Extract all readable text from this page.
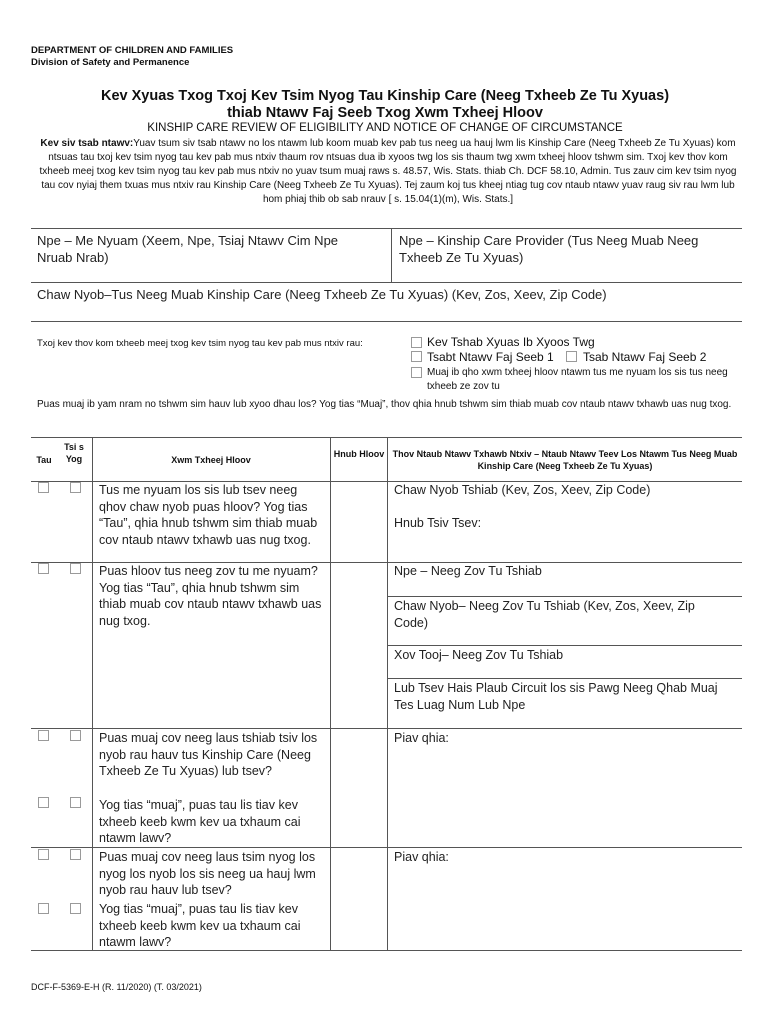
DEPARTMENT OF CHILDREN AND FAMILIES
Division of Safety and Permanence
Kev Xyuas Txog Txoj Kev Tsim Nyog Tau Kinship Care (Neeg Txheeb Ze Tu Xyuas)
thiab Ntawv Faj Seeb Txog Xwm Txheej Hloov
KINSHIP CARE REVIEW OF ELIGIBILITY AND NOTICE OF CHANGE OF CIRCUMSTANCE
Kev siv tsab ntawv:Yuav tsum siv tsab ntawv no los ntawm lub koom muab kev pab tus neeg ua hauj lwm lis Kinship Care (Neeg Txheeb Ze Tu Xyuas) kom ntsuas tau txoj kev tsim nyog tau kev pab mus ntxiv thaum rov ntsuas dua ib xyoos twg los sis thaum twg xwm txheej hloov tshwm sim. Txoj kev thov kom txheeb meej txog kev tsim nyog tau kev pab mus ntxiv no yuav tsum muaj raws s. 48.57, Wis. Stats. thiab Ch. DCF 58.10, Admin. Tus zauv cim kev tsim nyog tau cov nyiaj them txuas mus ntxiv rau Kinship Care (Neeg Txheeb Ze Tu Xyuas). Tej zaum koj tus kheej ntiag tug cov ntaub ntawv yuav raug siv rau lwm lub hom phiaj thib ob sab nrauv [ s. 15.04(1)(m), Wis. Stats.]
Npe – Me Nyuam (Xeem, Npe, Tsiaj Ntawv Cim Npe Nruab Nrab)
Npe – Kinship Care Provider (Tus Neeg Muab Neeg Txheeb Ze Tu Xyuas)
Chaw Nyob–Tus Neeg Muab Kinship Care (Neeg Txheeb Ze Tu Xyuas) (Kev, Zos, Xeev, Zip Code)
Txoj kev thov kom txheeb meej txog kev tsim nyog tau kev pab mus ntxiv rau:	Kev Tshab Xyuas Ib Xyoos Twg
Tsabt Ntawv Faj Seeb 1 Tsab Ntawv Faj Seeb 2
Muaj ib qho xwm txheej hloov ntawm tus me nyuam los sis tus neeg txheeb ze zov tu
Puas muaj ib yam nram no tshwm sim hauv lub xyoo dhau los? Yog tias “Muaj”, thov qhia hnub tshwm sim thiab muab cov ntaub ntawv txhawb uas nug txog.
Tau
Tsi s Yog	Xwm Txheej Hloov
Hnub Hloov Thov Ntaub Ntawv Txhawb Ntxiv – Ntaub Ntawv Teev Los Ntawm Tus Neeg Muab Kinship Care (Neeg Txheeb Ze Tu Xyuas)
Tus me nyuam los sis lub tsev neeg qhov chaw nyob puas hloov? Yog tias “Tau”, qhia hnub tshwm sim thiab muab cov ntaub ntawv txhawb uas nug txog.
Chaw Nyob Tshiab (Kev, Zos, Xeev, Zip Code)
Hnub Tsiv Tsev:
Puas hloov tus neeg zov tu me nyuam? Yog tias “Tau”, qhia hnub tshwm sim thiab muab cov ntaub ntawv txhawb uas nug txog.
Npe – Neeg Zov Tu Tshiab
Chaw Nyob– Neeg Zov Tu Tshiab (Kev, Zos, Xeev, Zip Code)
Xov Tooj– Neeg Zov Tu Tshiab
Lub Tsev Hais Plaub Circuit los sis Pawg Neeg Qhab Muaj Tes Luag Num Lub Npe
Puas muaj cov neeg laus tshiab tsiv los nyob rau hauv tus Kinship Care (Neeg Txheeb Ze Tu Xyuas) lub tsev?
Yog tias “muaj”, puas tau lis tiav kev txheeb keeb kwm kev ua txhaum cai ntawm lawv?
Piav qhia:
Puas muaj cov neeg laus tsim nyog los nyog los nyob los sis neeg ua hauj lwm nyob rau hauv lub tsev?
Yog tias “muaj”, puas tau lis tiav kev txheeb keeb kwm kev ua txhaum cai ntawm lawv?
Piav qhia:
DCF-F-5369-E-H (R. 11/2020) (T. 03/2021)
